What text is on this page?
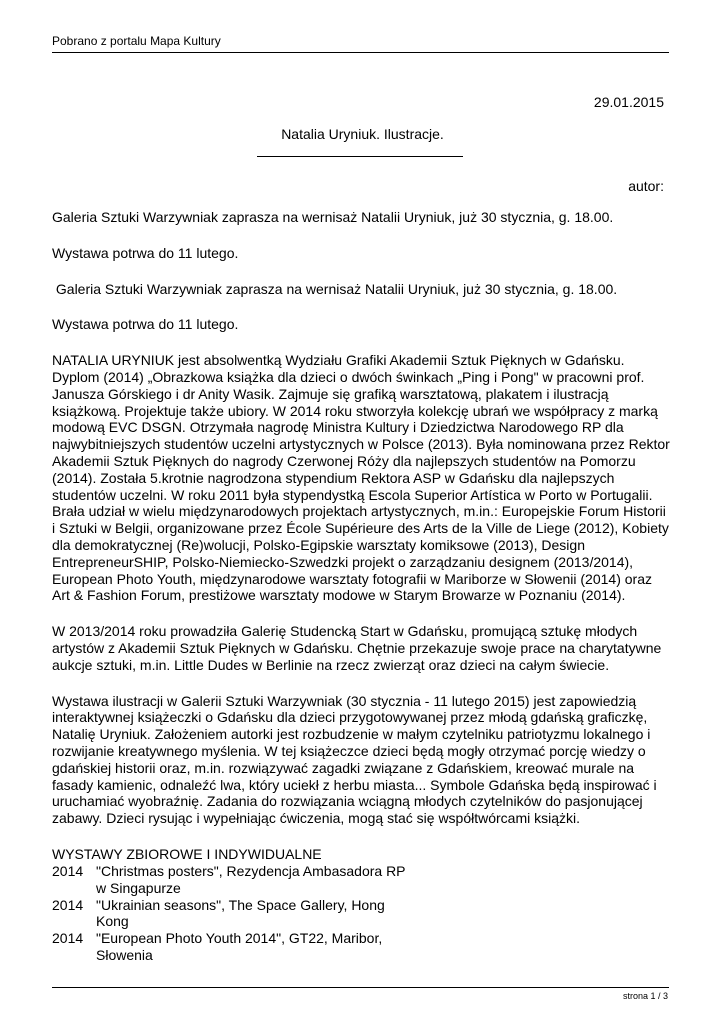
Pobrano z portalu Mapa Kultury
29.01.2015
Natalia Uryniuk. Ilustracje.
autor:

Galeria Sztuki Warzywniak zaprasza na wernisaż Natalii Uryniuk, już 30 stycznia, g. 18.00.

Wystawa potrwa do 11 lutego.

Galeria Sztuki Warzywniak zaprasza na wernisaż Natalii Uryniuk, już 30 stycznia, g. 18.00.

Wystawa potrwa do 11 lutego.

NATALIA URYNIUK jest absolwentką Wydziału Grafiki Akademii Sztuk Pięknych w Gdańsku. Dyplom (2014) „Obrazkowa książka dla dzieci o dwóch świnkach „Ping i Pong" w pracowni prof. Janusza Górskiego i dr Anity Wasik. Zajmuje się grafiką warsztatową, plakatem i ilustracją książkową. Projektuje także ubiory. W 2014 roku stworzyła kolekcję ubrań we współpracy z marką modową EVC DSGN. Otrzymała nagrodę Ministra Kultury i Dziedzictwa Narodowego RP dla najwybitniejszych studentów uczelni artystycznych w Polsce (2013). Była nominowana przez Rektor Akademii Sztuk Pięknych do nagrody Czerwonej Róży dla najlepszych studentów na Pomorzu (2014). Została 5.krotnie nagrodzona stypendium Rektora ASP w Gdańsku dla najlepszych studentów uczelni. W roku 2011 była stypendystką Escola Superior Artística w Porto w Portugalii. Brała udział w wielu międzynarodowych projektach artystycznych, m.in.: Europejskie Forum Historii i Sztuki w Belgii, organizowane przez École Supérieure des Arts de la Ville de Liege (2012), Kobiety dla demokratycznej (Re)wolucji, Polsko-Egipskie warsztaty komiksowe (2013), Design EntrepreneurSHIP, Polsko-Niemiecko-Szwedzki projekt o zarządzaniu designem (2013/2014), European Photo Youth, międzynarodowe warsztaty fotografii w Mariborze w Słowenii (2014) oraz Art & Fashion Forum, prestiżowe warsztaty modowe w Starym Browarze w Poznaniu (2014).

W 2013/2014 roku prowadziła Galerię Studencką Start w Gdańsku, promującą sztukę młodych artystów z Akademii Sztuk Pięknych w Gdańsku. Chętnie przekazuje swoje prace na charytatywne aukcje sztuki, m.in. Little Dudes w Berlinie na rzecz zwierząt oraz dzieci na całym świecie.

Wystawa ilustracji w Galerii Sztuki Warzywniak (30 stycznia - 11 lutego 2015) jest zapowiedzią interaktywnej książeczki o Gdańsku dla dzieci przygotowywanej przez młodą gdańską graficzkę, Natalię Uryniuk. Założeniem autorki jest rozbudzenie w małym czytelniku patriotyzmu lokalnego i rozwijanie kreatywnego myślenia. W tej książeczce dzieci będą mogły otrzymać porcję wiedzy o gdańskiej historii oraz, m.in. rozwiązywać zagadki związane z Gdańskiem, kreować murale na fasady kamienic, odnaleźć lwa, który uciekł z herbu miasta... Symbole Gdańska będą inspirować i uruchamiać wyobraźnię. Zadania do rozwiązania wciągną młodych czytelników do pasjonującej zabawy. Dzieci rysując i wypełniając ćwiczenia, mogą stać się współtwórcami książki.

WYSTAWY ZBIOROWE I INDYWIDUALNE

2014 "Christmas posters", Rezydencja Ambasadora RP w Singapurze
2014 "Ukrainian seasons", The Space Gallery, Hong Kong
2014 "European Photo Youth 2014", GT22, Maribor, Słowenia
strona 1 / 3
